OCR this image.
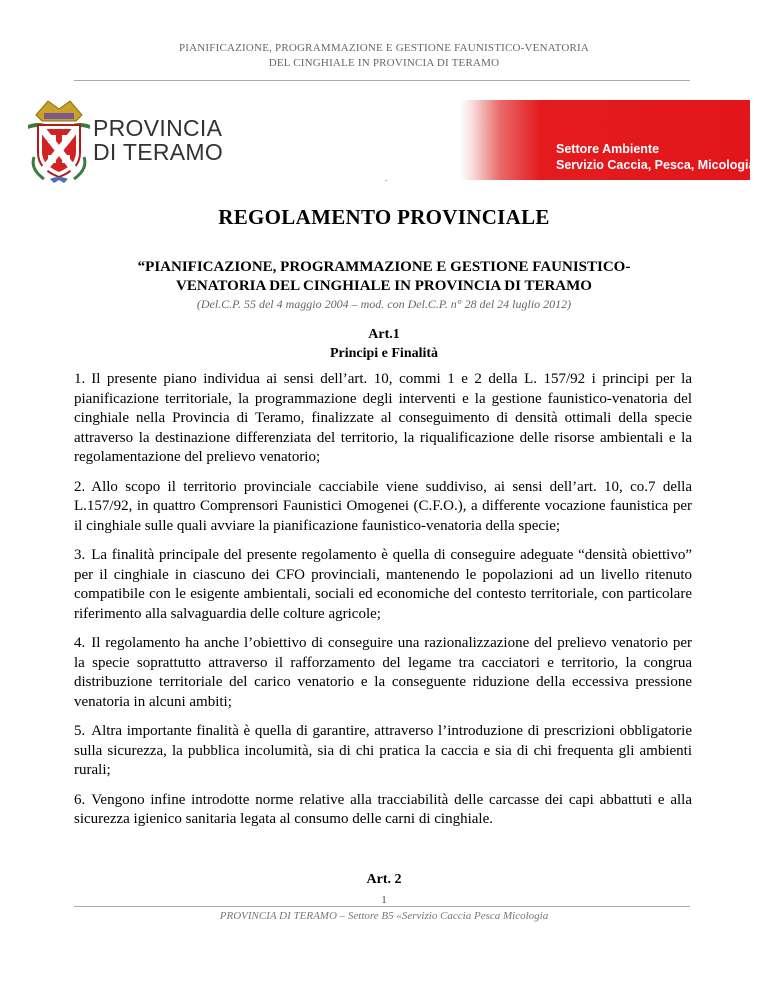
PIANIFICAZIONE, PROGRAMMAZIONE E GESTIONE FAUNISTICO-VENATORIA
DEL CINGHIALE IN PROVINCIA DI TERAMO
PROVINCIA
DI TERAMO	Settore Ambiente
Servizio Caccia, Pesca, Micologia
.
REGOLAMENTO PROVINCIALE
“PIANIFICAZIONE, PROGRAMMAZIONE E GESTIONE FAUNISTICO-
VENATORIA DEL CINGHIALE IN PROVINCIA DI TERAMO
(Del.C.P. 55 del 4 maggio 2004 – mod. con Del.C.P. n° 28 del 24 luglio 2012)
Art.1
Principi e Finalità

1. Il presente piano individua ai sensi dell’art. 10, commi 1 e 2 della L. 157/92 i principi per la pianificazione territoriale, la programmazione degli interventi e la gestione faunistico-venatoria del cinghiale nella Provincia di Teramo, finalizzate al conseguimento di densità ottimali della specie attraverso la destinazione differenziata del territorio, la riqualificazione delle risorse ambientali e la regolamentazione del prelievo venatorio;

2. Allo scopo il territorio provinciale cacciabile viene suddiviso, ai sensi dell’art. 10, co.7 della L.157/92, in quattro Comprensori Faunistici Omogenei (C.F.O.), a differente vocazione faunistica per il cinghiale sulle quali avviare la pianificazione faunistico-venatoria della specie;

3. La finalità principale del presente regolamento è quella di conseguire adeguate “densità obiettivo” per il cinghiale in ciascuno dei CFO provinciali, mantenendo le popolazioni ad un livello ritenuto compatibile con le esigente ambientali, sociali ed economiche del contesto territoriale, con particolare riferimento alla salvaguardia delle colture agricole;

4. Il regolamento ha anche l’obiettivo di conseguire una razionalizzazione del prelievo venatorio per la specie soprattutto attraverso il rafforzamento del legame tra cacciatori e territorio, la congrua distribuzione territoriale del carico venatorio e la conseguente riduzione della eccessiva pressione venatoria in alcuni ambiti;

5. Altra importante finalità è quella di garantire, attraverso l’introduzione di prescrizioni obbligatorie sulla sicurezza, la pubblica incolumità, sia di chi pratica la caccia e sia di chi frequenta gli ambienti rurali;

6. Vengono infine introdotte norme relative alla tracciabilità delle carcasse dei capi abbattuti e alla sicurezza igienico sanitaria legata al consumo delle carni di cinghiale.

Art. 2
1
PROVINCIA DI TERAMO – Settore B5 «Servizio Caccia Pesca Micologia
